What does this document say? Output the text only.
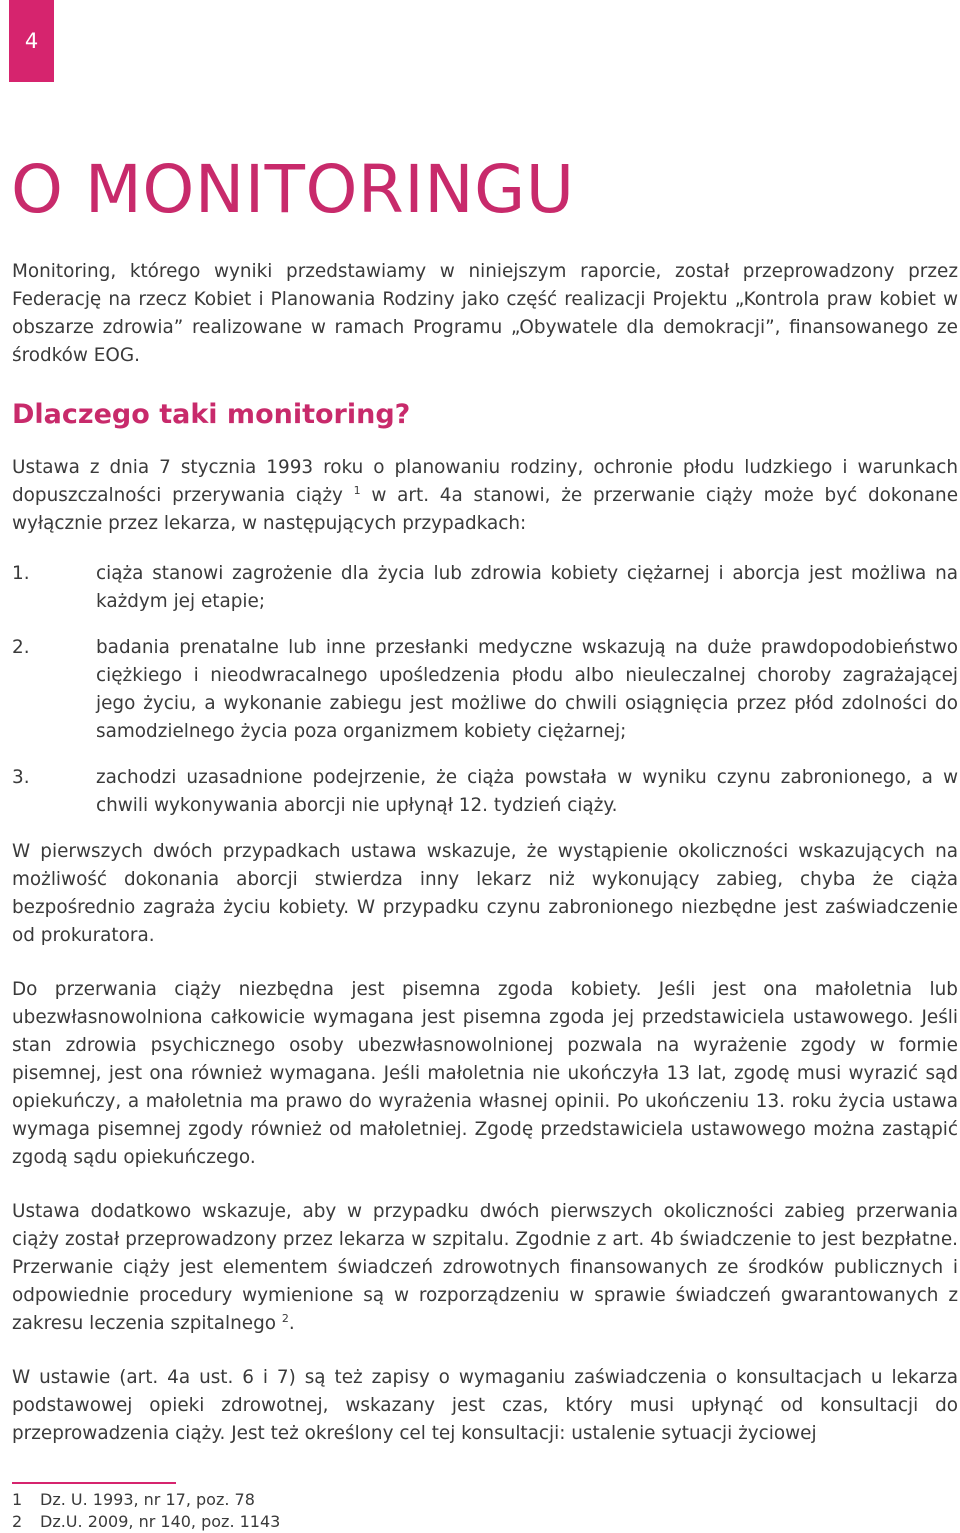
4
O MONITORINGU

Monitoring, którego wyniki przedstawiamy w niniejszym raporcie, został przeprowadzony przez Federację na rzecz Kobiet i Planowania Rodziny jako część realizacji Projektu „Kontrola praw kobiet w obszarze zdrowia” realizowane w ramach Programu „Obywatele dla demokracji”, finansowanego ze środków EOG.

Dlaczego taki monitoring?

Ustawa z dnia 7 stycznia 1993 roku o planowaniu rodziny, ochronie płodu ludzkiego i warunkach dopuszczalności przerywania ciąży $^1$ w art. 4a stanowi, że przerwanie ciąży może być dokonane wyłącznie przez lekarza, w następujących przypadkach:

1.	ciąża stanowi zagrożenie dla życia lub zdrowia kobiety ciężarnej i aborcja jest możliwa na każdym jej etapie;
2.	badania prenatalne lub inne przesłanki medyczne wskazują na duże prawdopodobieństwo ciężkiego i nieodwracalnego upośledzenia płodu albo nieuleczalnej choroby zagrażającej jego życiu, a wykonanie zabiegu jest możliwe do chwili osiągnięcia przez płód zdolności do samodzielnego życia poza organizmem kobiety ciężarnej;
3.	zachodzi uzasadnione podejrzenie, że ciąża powstała w wyniku czynu zabronionego, a w chwili wykonywania aborcji nie upłynął 12. tydzień ciąży.

W pierwszych dwóch przypadkach ustawa wskazuje, że wystąpienie okoliczności wskazujących na możliwość dokonania aborcji stwierdza inny lekarz niż wykonujący zabieg, chyba że ciąża bezpośrednio zagraża życiu kobiety. W przypadku czynu zabronionego niezbędne jest zaświadczenie od prokuratora.

Do przerwania ciąży niezbędna jest pisemna zgoda kobiety. Jeśli jest ona małoletnia lub ubezwłasnowolniona całkowicie wymagana jest pisemna zgoda jej przedstawiciela ustawowego. Jeśli stan zdrowia psychicznego osoby ubezwłasnowolnionej pozwala na wyrażenie zgody w formie pisemnej, jest ona również wymagana. Jeśli małoletnia nie ukończyła 13 lat, zgodę musi wyrazić sąd opiekuńczy, a małoletnia ma prawo do wyrażenia własnej opinii. Po ukończeniu 13. roku życia ustawa wymaga pisemnej zgody również od małoletniej. Zgodę przedstawiciela ustawowego można zastąpić zgodą sądu opiekuńczego.

Ustawa dodatkowo wskazuje, aby w przypadku dwóch pierwszych okoliczności zabieg przerwania ciąży został przeprowadzony przez lekarza w szpitalu. Zgodnie z art. 4b świadczenie to jest bezpłatne. Przerwanie ciąży jest elementem świadczeń zdrowotnych finansowanych ze środków publicznych i odpowiednie procedury wymienione są w rozporządzeniu w sprawie świadczeń gwarantowanych z zakresu leczenia szpitalnego $^2$.

W ustawie (art. 4a ust. 6 i 7) są też zapisy o wymaganiu zaświadczenia o konsultacjach u lekarza podstawowej opieki zdrowotnej, wskazany jest czas, który musi upłynąć od konsultacji do przeprowadzenia ciąży. Jest też określony cel tej konsultacji: ustalenie sytuacji życiowej

1	Dz. U. 1993, nr 17, poz. 78
2	Dz.U. 2009, nr 140, poz. 1143
